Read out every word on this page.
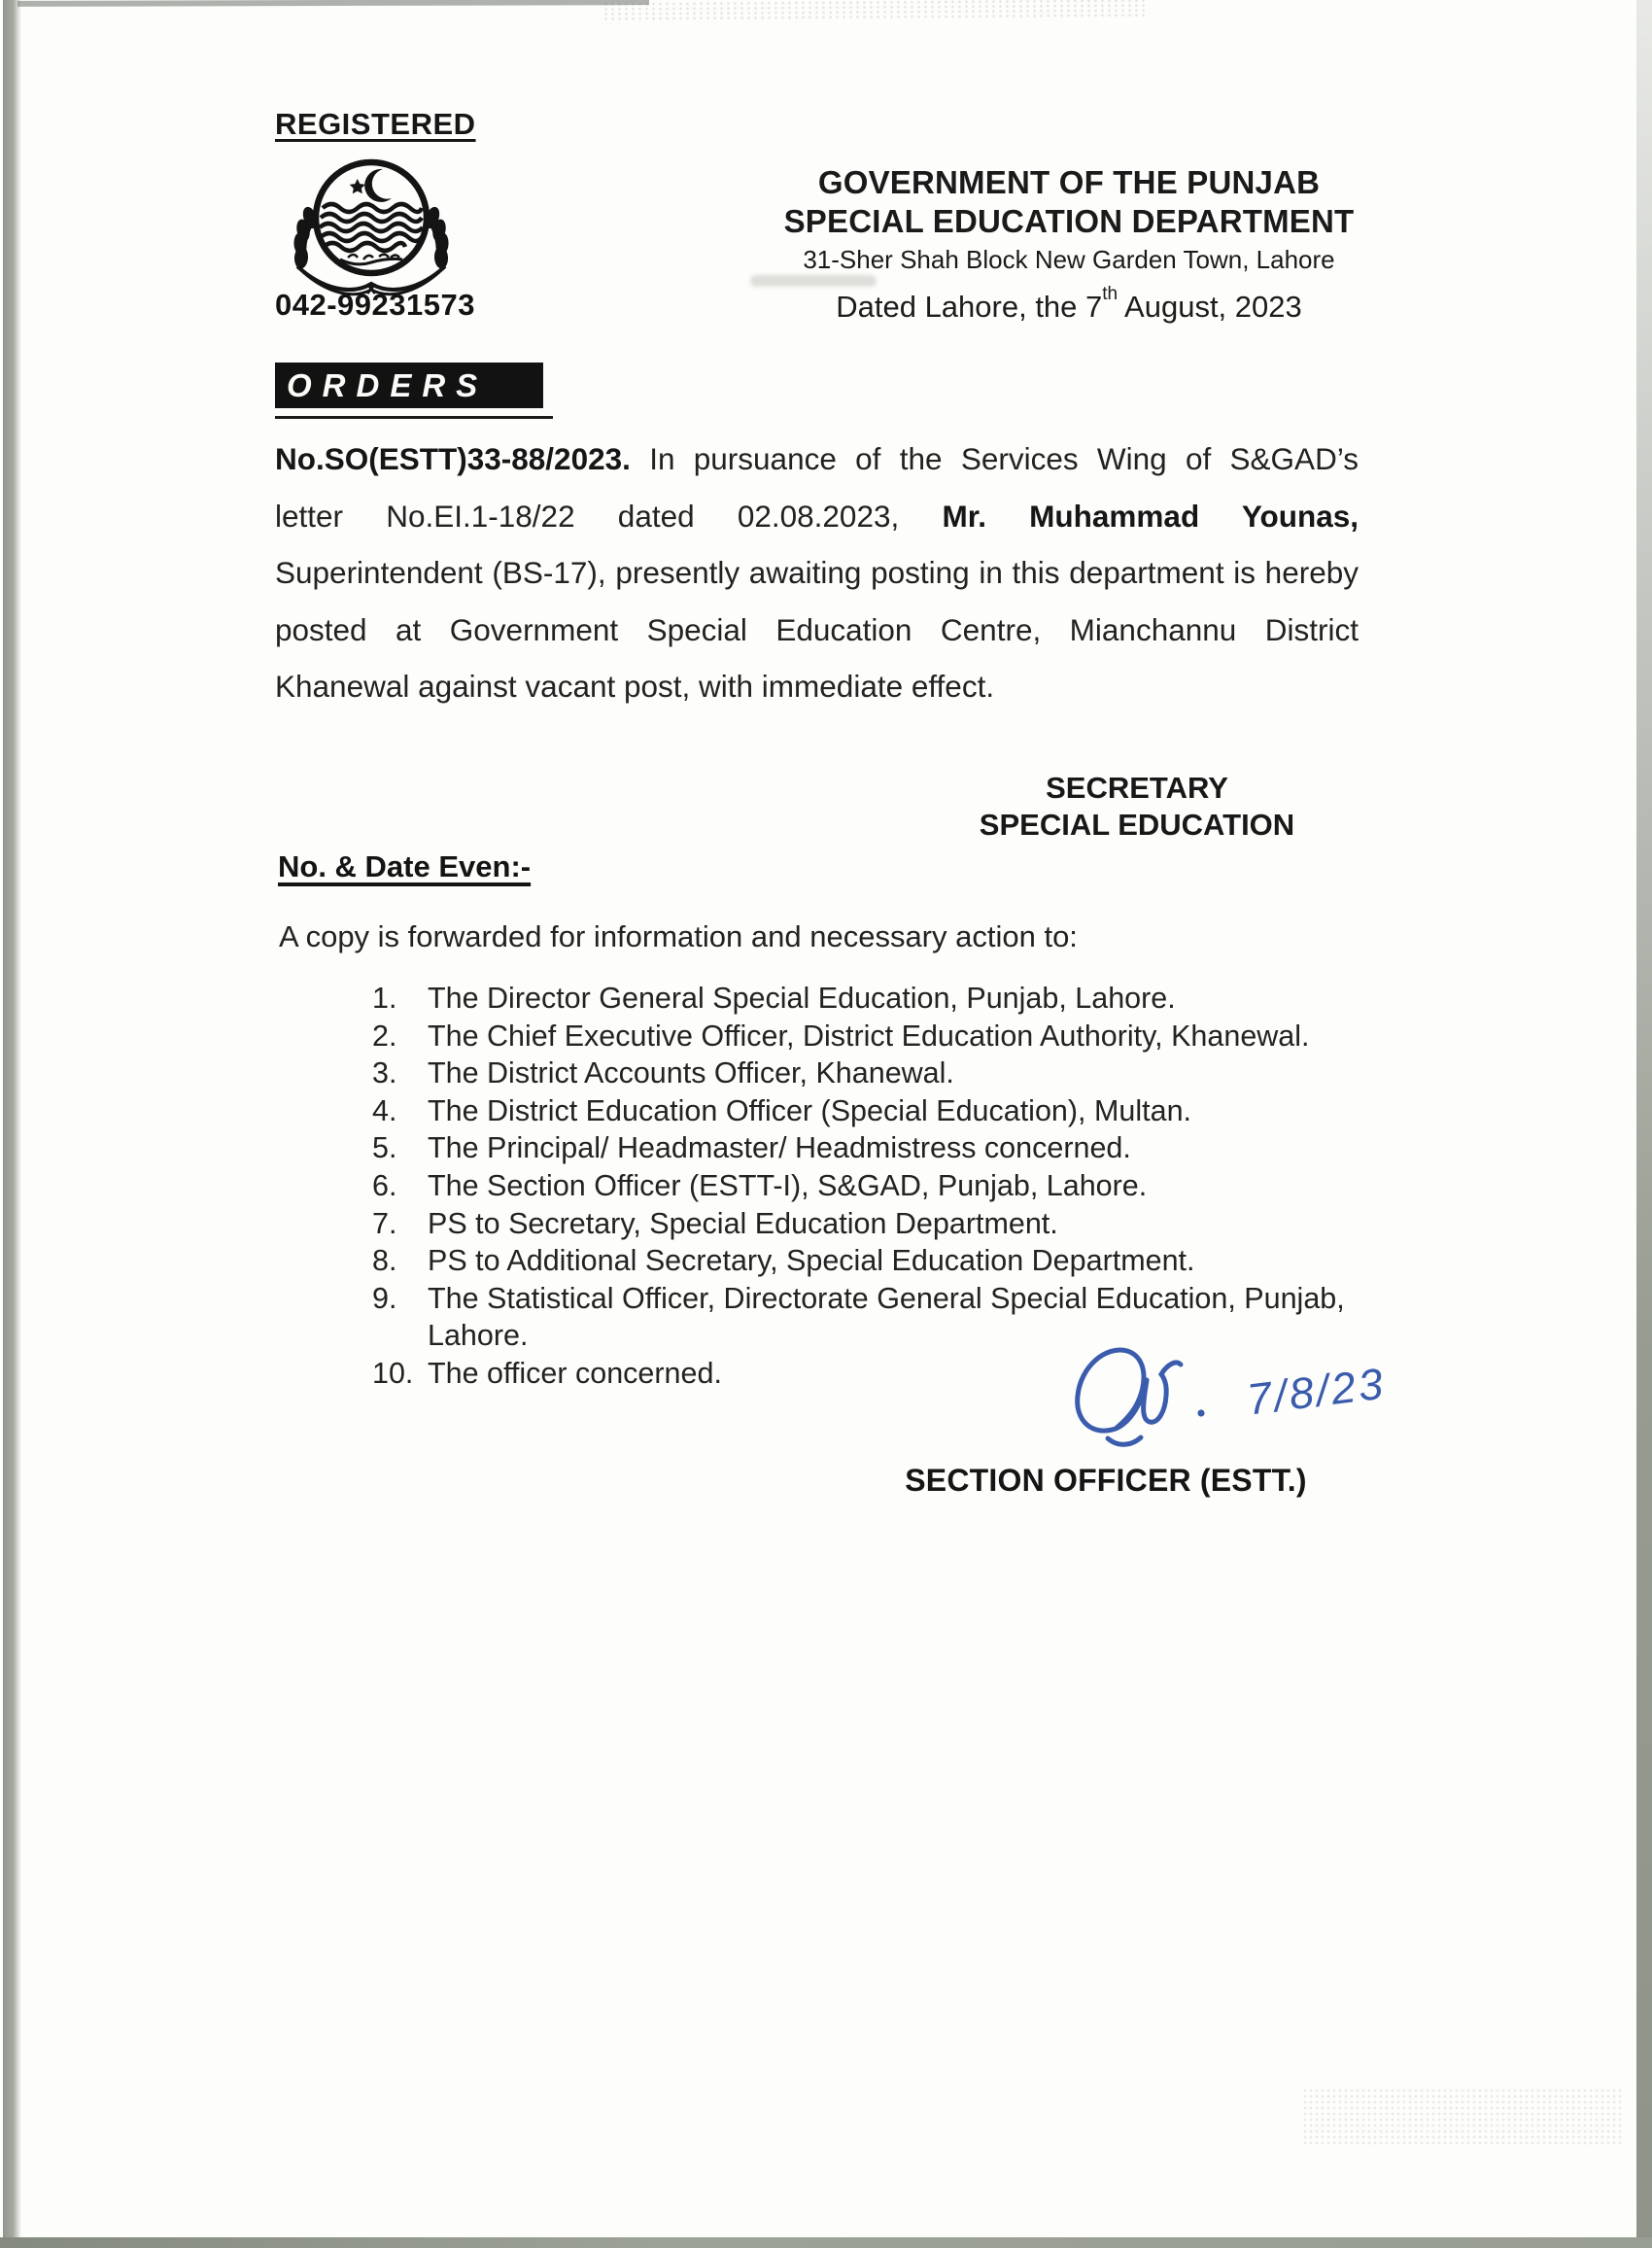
REGISTERED
042-99231573
GOVERNMENT OF THE PUNJAB
SPECIAL EDUCATION DEPARTMENT
31-Sher Shah Block New Garden Town, Lahore
Dated Lahore, the 7th August, 2023
ORDERS
No.SO(ESTT)33-88/2023. In pursuance of the Services Wing of S&GAD’s
letter No.EI.1-18/22 dated 02.08.2023, Mr. Muhammad Younas,
Superintendent (BS-17), presently awaiting posting in this department is hereby
posted at Government Special Education Centre, Mianchannu District
Khanewal against vacant post, with immediate effect.
SECRETARY
SPECIAL EDUCATION
No. & Date Even:-
A copy is forwarded for information and necessary action to:
1.	The Director General Special Education, Punjab, Lahore.
2.	The Chief Executive Officer, District Education Authority, Khanewal.
3.	The District Accounts Officer, Khanewal.
4.	The District Education Officer (Special Education), Multan.
5.	The Principal/ Headmaster/ Headmistress concerned.
6.	The Section Officer (ESTT-I), S&GAD, Punjab, Lahore.
7.	PS to Secretary, Special Education Department.
8.	PS to Additional Secretary, Special Education Department.
9.	The Statistical Officer, Directorate General Special Education, Punjab, Lahore.
10. The officer concerned.	7/8/23
SECTION OFFICER (ESTT.)
